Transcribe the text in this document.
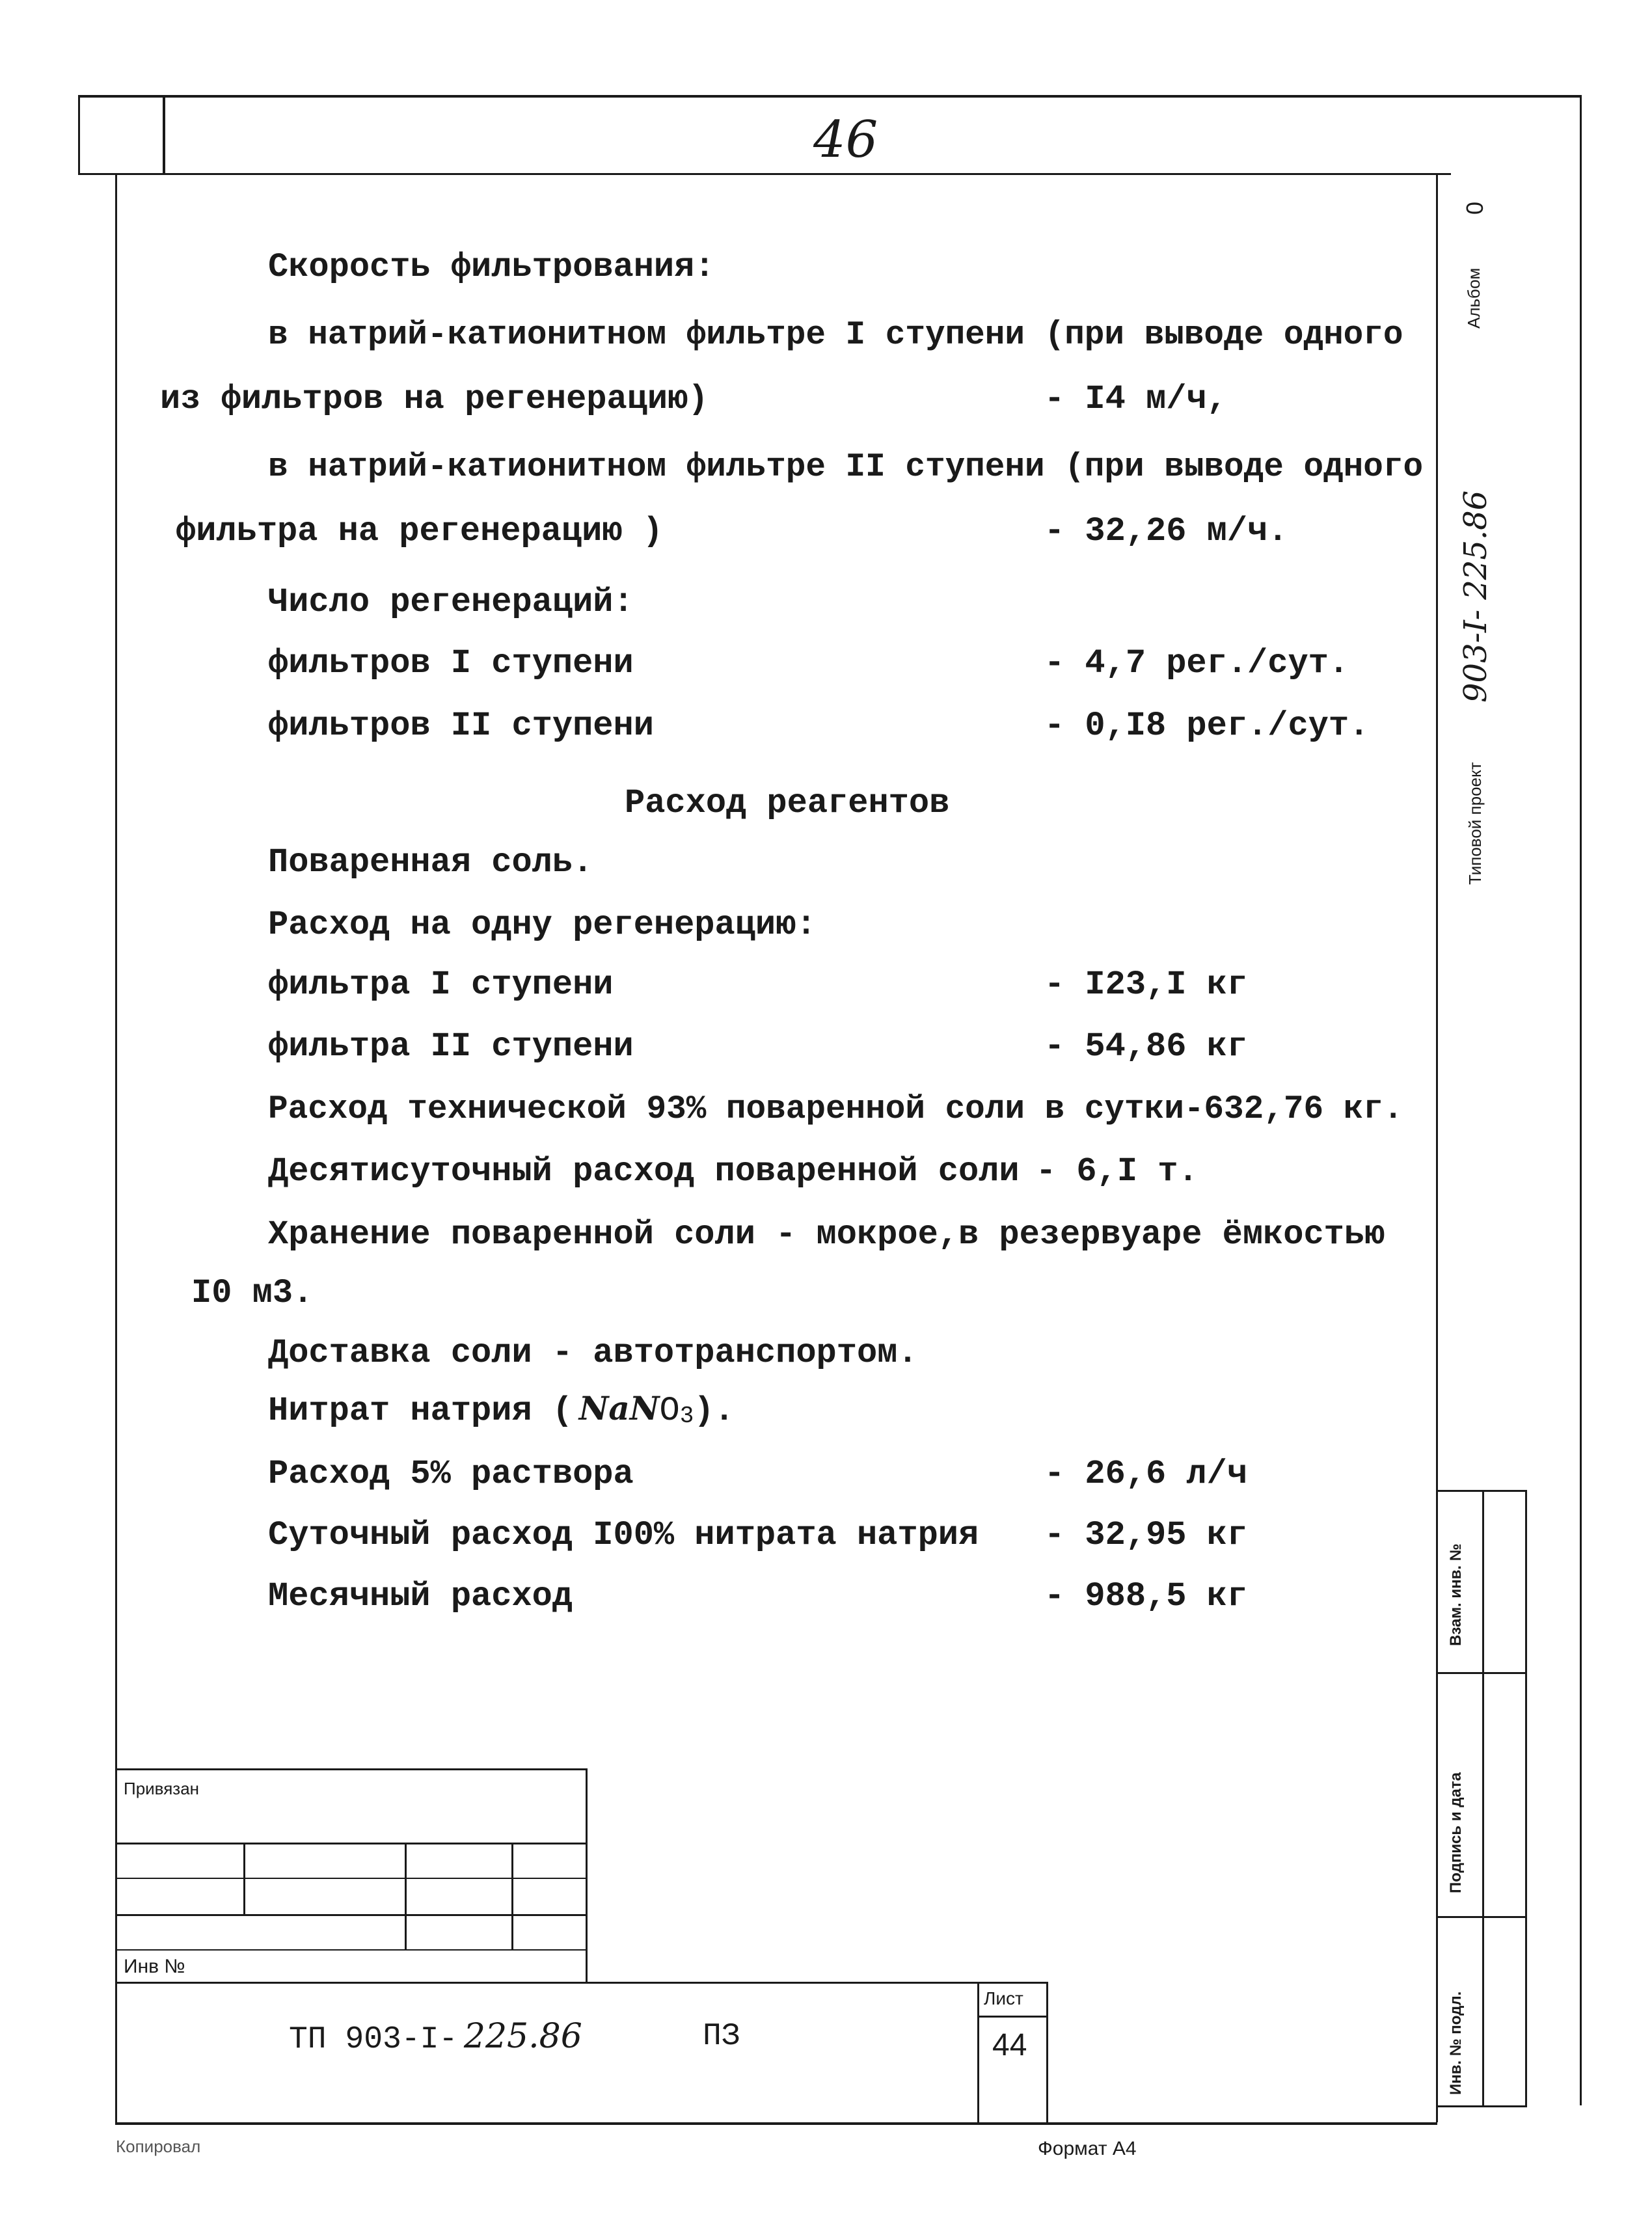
46
Скорость фильтрования:
в натрий-катионитном фильтре I ступени (при выводе одного
из фильтров на регенерацию)	- I4 м/ч,
в натрий-катионитном фильтре II ступени (при выводе одного
фильтра на регенерацию )	- 32,26 м/ч.
Число регенераций:
фильтров I ступени	- 4,7 рег./сут.
фильтров II ступени	- 0,I8 рег./сут.
Расход реагентов
Поваренная соль.
Расход на одну регенерацию:
фильтра I ступени	- I23,I кг
фильтра II ступени	- 54,86 кг
Расход технической 93% поваренной соли в сутки-632,76 кг.
Десятисуточный расход поваренной соли - 6,I т.
Хранение поваренной соли - мокрое,в резервуаре ёмкостью
I0 м3.
Доставка соли - автотранспортом.
Нитрат натрия ( NaNO$_3$).
Расход 5% раствора	- 26,6 л/ч
Суточный расход I00% нитрата натрия - 32,95 кг
Месячный расход	- 988,5 кг
Альбом
0
Типовой проект
903-I- 225.86
Взам. инв. №
Подпись и дата
Инв. № подл.
Привязан
Инв №
ТП 903-I- 225.86	ПЗ
Лист
44
Копировал	Формат А4
